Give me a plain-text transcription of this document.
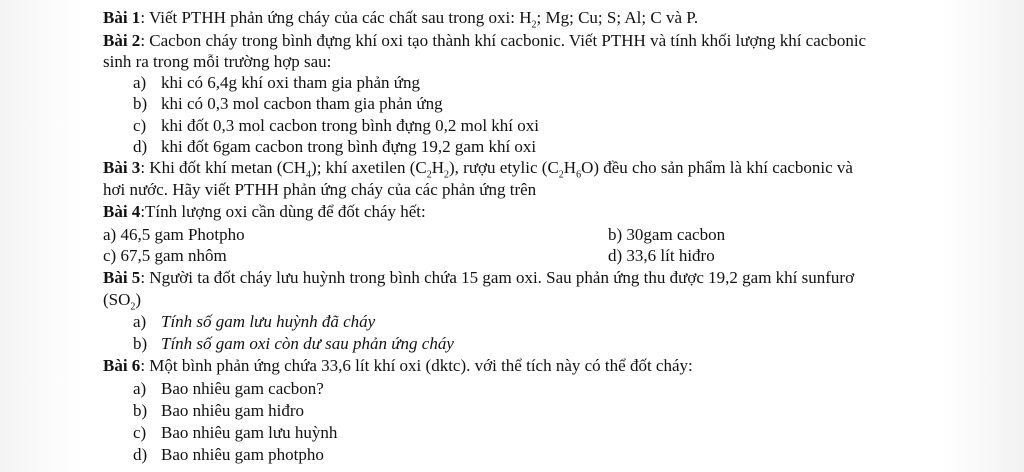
Bài 1: Viết PTHH phản ứng cháy của các chất sau trong oxi: $H_2$; Mg; Cu; S; Al; C và P.
Bài 2: Cacbon cháy trong bình đựng khí oxi tạo thành khí cacbonic. Viết PTHH và tính khối lượng khí cacbonic
sinh ra trong mỗi trường hợp sau:
a) khi có 6,4g khí oxi tham gia phản ứng
b) khi có 0,3 mol cacbon tham gia phản ứng
c) khi đốt 0,3 mol cacbon trong bình đựng 0,2 mol khí oxi
d) khi đốt 6gam cacbon trong bình đựng 19,2 gam khí oxi
Bài 3: Khi đốt khí metan $(CH_4)$; khí axetilen $(C_2H_2)$, rượu etylic $(C_2H_6O)$ đều cho sản phẩm là khí cacbonic và
hơi nước. Hãy viết PTHH phản ứng cháy của các phản ứng trên
Bài 4:Tính lượng oxi cần dùng để đốt cháy hết:
a) 46,5 gam Photpho	b) 30gam cacbon
c) 67,5 gam nhôm	d) 33,6 lít hiđro
Bài 5: Người ta đốt cháy lưu huỳnh trong bình chứa 15 gam oxi. Sau phản ứng thu được 19,2 gam khí sunfurơ
$(SO_2)$
a) Tính số gam lưu huỳnh đã cháy
b) Tính số gam oxi còn dư sau phản ứng cháy
Bài 6: Một bình phản ứng chứa 33,6 lít khí oxi (dktc). với thể tích này có thể đốt cháy:
a) Bao nhiêu gam cacbon?
b) Bao nhiêu gam hiđro
c) Bao nhiêu gam lưu huỳnh
d) Bao nhiêu gam photpho
